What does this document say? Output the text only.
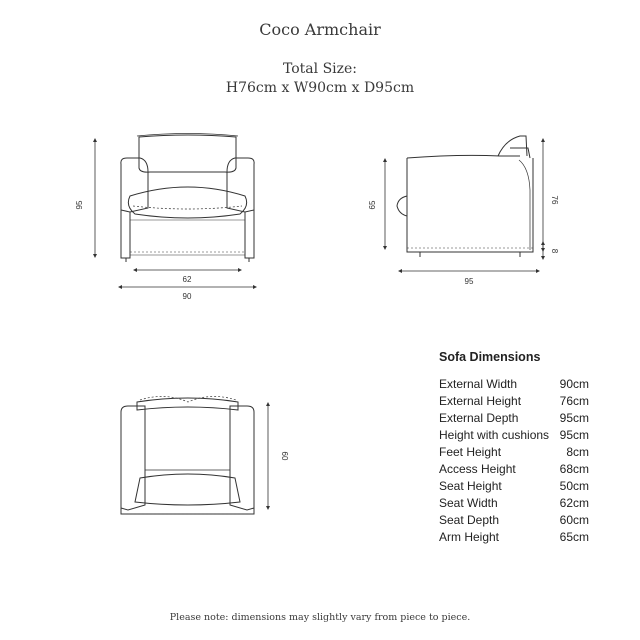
Coco Armchair
Total Size:
H76cm x W90cm x D95cm
95
62
90
65
76
8
95
60
Sofa Dimensions
External Width	90cm
External Height	76cm
External Depth	95cm
Height with cushions 95cm
Feet Height	8cm
Access Height	68cm
Seat Height	50cm
Seat Width	62cm
Seat Depth	60cm
Arm Height	65cm
Please note: dimensions may slightly vary from piece to piece.
